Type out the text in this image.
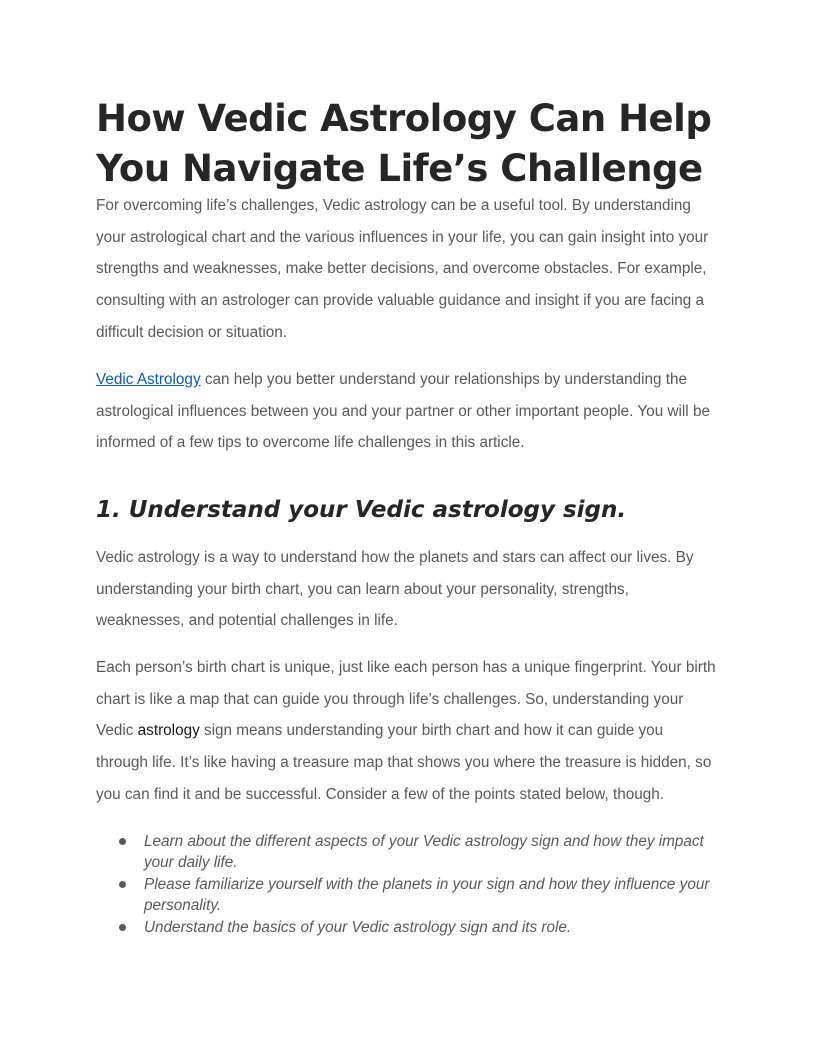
How Vedic Astrology Can Help
You Navigate Life’s Challenge
For overcoming life’s challenges, Vedic astrology can be a useful tool. By understanding
your astrological chart and the various influences in your life, you can gain insight into your
strengths and weaknesses, make better decisions, and overcome obstacles. For example,
consulting with an astrologer can provide valuable guidance and insight if you are facing a
difficult decision or situation.
Vedic Astrology can help you better understand your relationships by understanding the
astrological influences between you and your partner or other important people. You will be
informed of a few tips to overcome life challenges in this article.
1. Understand your Vedic astrology sign.
Vedic astrology is a way to understand how the planets and stars can affect our lives. By
understanding your birth chart, you can learn about your personality, strengths,
weaknesses, and potential challenges in life.
Each person’s birth chart is unique, just like each person has a unique fingerprint. Your birth
chart is like a map that can guide you through life’s challenges. So, understanding your
Vedic astrology sign means understanding your birth chart and how it can guide you
through life. It’s like having a treasure map that shows you where the treasure is hidden, so
you can find it and be successful. Consider a few of the points stated below, though.
Learn about the different aspects of your Vedic astrology sign and how they impact
your daily life.
Please familiarize yourself with the planets in your sign and how they influence your
personality.
Understand the basics of your Vedic astrology sign and its role.
